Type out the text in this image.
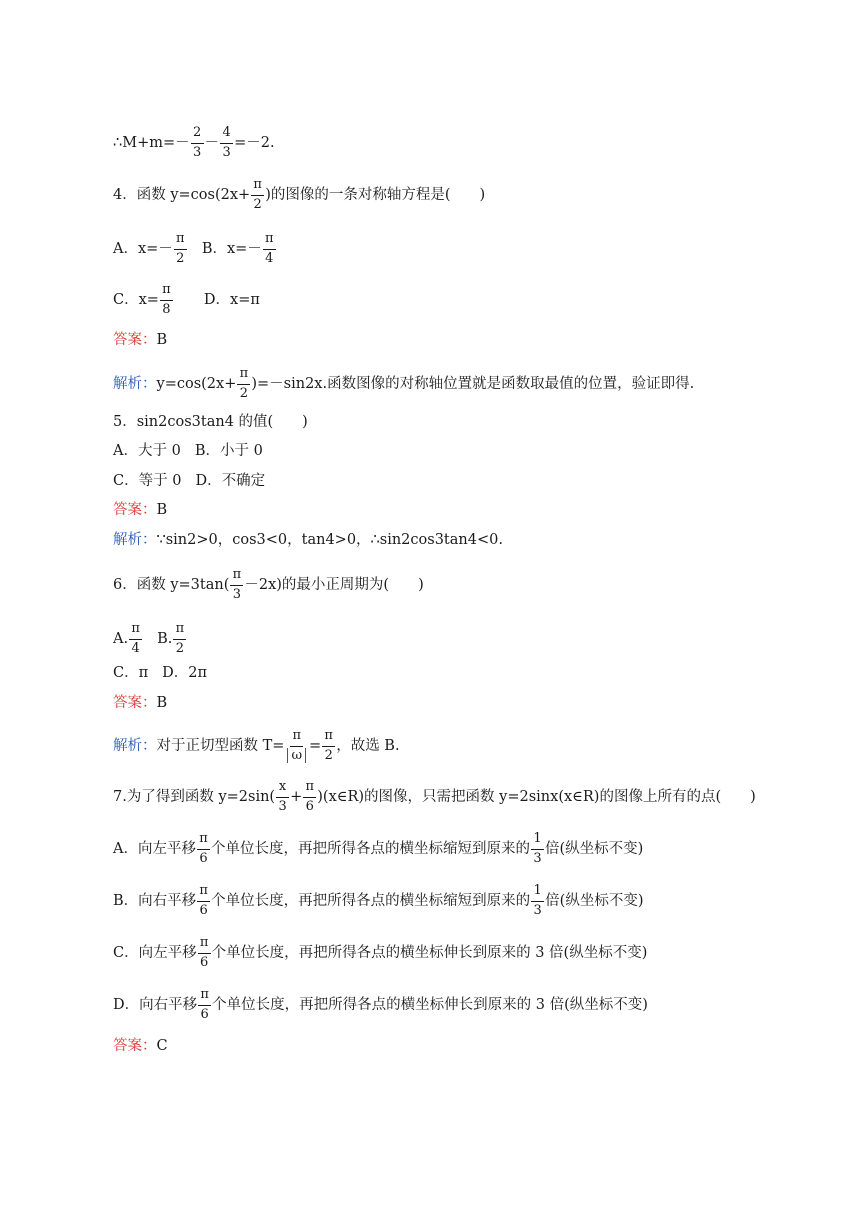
∴M+m=－ $\frac{2}{3} - \frac{4}{3} =-2$.
4．函数 $y=\cos(2x+ \frac{\pi}{2}$ )的图像的一条对称轴方程是(　　)
A．$x=- \frac{\pi}{2}$ B．$x=- \frac{\pi}{4}$
C．$x= \frac{\pi}{8}$ D．x=π
答案： B
解析： $y=\cos(2x+ \frac{\pi}{2} )=-\sin 2x$.函数图像的对称轴位置就是函数取最值的位置，验证即得.
5．sin2cos3tan4 的值(　　)
A．大于 0 B．小于 0
C．等于 0 D．不确定
答案： B
解析： ∵sin2>0，cos3<0，tan4>0，∴sin2cos3tan4<0.
6．函数 $y=3\tan( \frac{\pi}{3} -2x)$的最小正周期为(　　)
A. $\frac{\pi}{4} B$. $\frac{\pi}{2}$
C．π D．2π
答案： B
解析： 对于正切型函数 $T= \frac{\pi}{\omega} = \frac{\pi}{2}$ ，故选 B.
7.为了得到函数 $y=2\sin( \frac{x}{3} + \frac{\pi}{6}$ )(x∈R)的图像，只需把函数 y=2sinx(x∈R)的图像上所有的点(　　)
A．向左平移 $\frac{\pi}{6}$ 个单位长度，再把所得各点的横坐标缩短到原来的 $\frac{1}{3}$ 倍(纵坐标不变)
B．向右平移 $\frac{\pi}{6}$ 个单位长度，再把所得各点的横坐标缩短到原来的 $\frac{1}{3}$ 倍(纵坐标不变)
C．向左平移 $\frac{\pi}{6}$ 个单位长度，再把所得各点的横坐标伸长到原来的 3 倍(纵坐标不变)
D．向右平移 $\frac{\pi}{6}$ 个单位长度，再把所得各点的横坐标伸长到原来的 3 倍(纵坐标不变)
答案： C
